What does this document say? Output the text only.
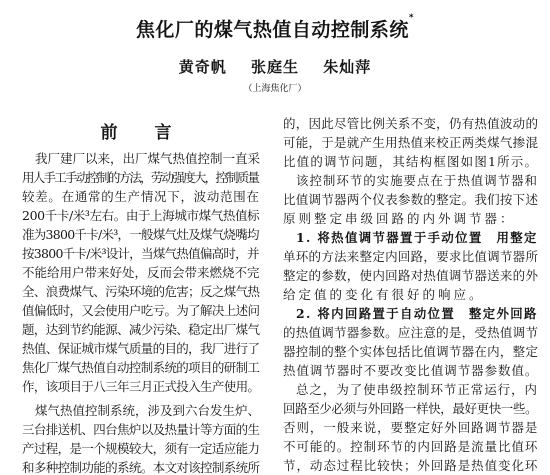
焦化厂的煤气热值自动控制系统*
黄奇帆 张庭生 朱灿萍
（上海焦化厂）
前　言
我厂建厂以来，出厂煤气热值控制一直采
用人手工手动控制的方法，劳动强度大，控制质量
较差。在通常的生产情况下，波动范围在
200千卡/米³左右。由于上海城市煤气热值标
准为3800千卡/米³，一般煤气灶及煤气烧嘴均
按3800千卡/米³设计，当煤气热值偏高时，并
不能给用户带来好处，反而会带来燃烧不完
全、浪费煤气、污染环境的危害；反之煤气热
值偏低时，又会使用户吃亏。为了解决上述问
题，达到节约能源、减少污染、稳定出厂煤气
热值、保证城市煤气质量的目的，我厂进行了
焦化厂煤气热值自动控制系统的项目的研制工
作，该项目于八三年三月正式投入生产使用。
煤气热值控制系统，涉及到六台发生炉、
三台排送机、四台焦炉以及热量计等方面的生
产过程，是一个规模较大，须有一定适应能力
和多种控制功能的系统。本文对该控制系统所
的，因此尽管比例关系不变，仍有热值波动的
可能，于是就产生用热值来校正两类煤气掺混
比值的调节问题，其结构框图如图1所示。
该控制环节的实施要点在于热值调节器和
比值调节器两个仪表参数的整定。我们按下述
原则整定串级回路的内外调节器：
1. 将热值调节器置于手动位置　用整定
单环的方法来整定内回路，要求比值调节器所
整定的参数，使内回路对热值调节器送来的外
给定值的变化有很好的响应。
2. 将内回路置于自动位置　整定外回路
的热值调节器参数。应注意的是，受热值调节
器控制的整个实体包括比值调节器在内，整定
热值调节器时不要改变比值调节器参数值。
总之，为了使串级控制环节正常运行，内
回路至少必须与外回路一样快，最好更快一些。
否则，一般来说，要整定好外回路调节器是
不可能的。控制环节的内回路是流量比值环
节，动态过程比较快；外回路是热值变化环
